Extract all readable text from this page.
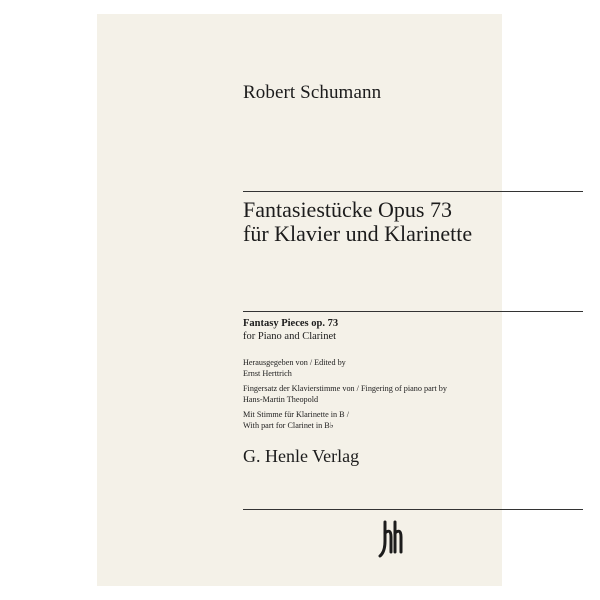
Robert Schumann
Fantasiestücke Opus 73
für Klavier und Klarinette
Fantasy Pieces op. 73
for Piano and Clarinet
Herausgegeben von / Edited by
Ernst Herttrich
Fingersatz der Klavierstimme von / Fingering of piano part by
Hans-Martin Theopold
Mit Stimme für Klarinette in B /
With part for Clarinet in B♭
G. Henle Verlag
